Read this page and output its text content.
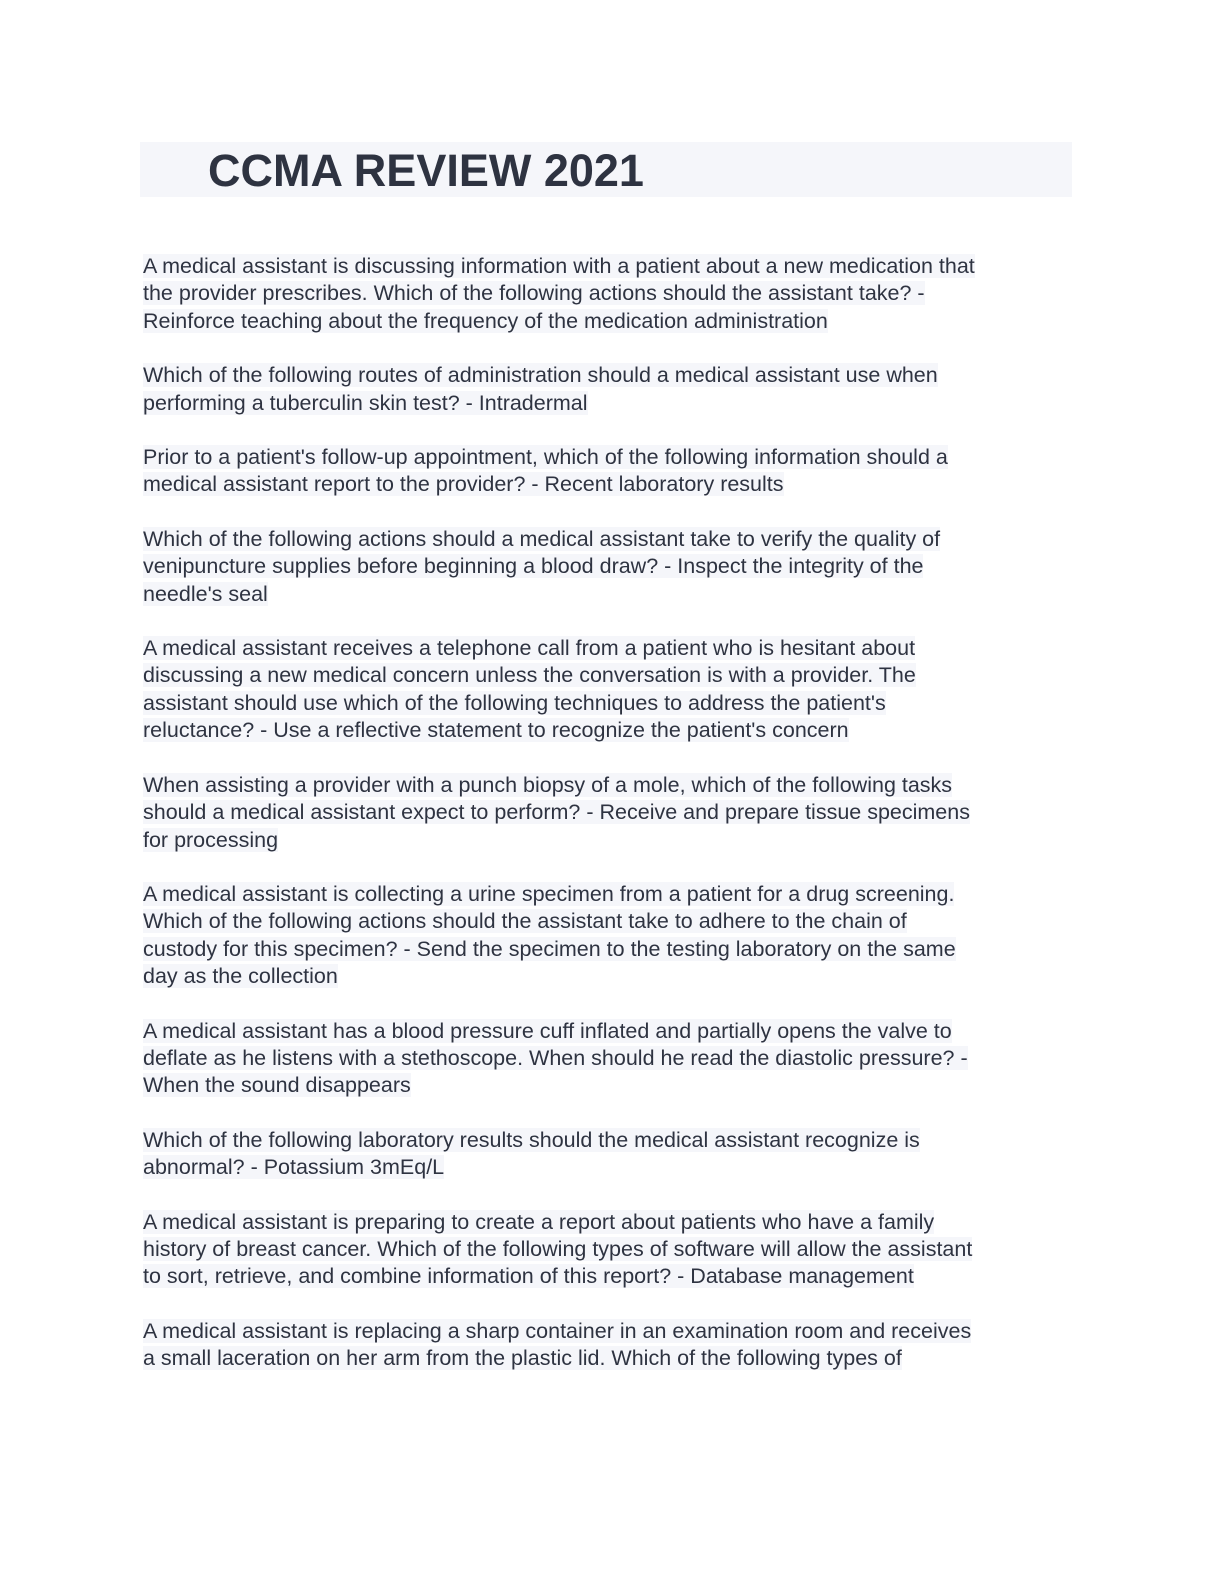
CCMA REVIEW 2021

A medical assistant is discussing information with a patient about a new medication that
the provider prescribes. Which of the following actions should the assistant take? -
Reinforce teaching about the frequency of the medication administration

Which of the following routes of administration should a medical assistant use when
performing a tuberculin skin test? - Intradermal

Prior to a patient's follow-up appointment, which of the following information should a
medical assistant report to the provider? - Recent laboratory results

Which of the following actions should a medical assistant take to verify the quality of
venipuncture supplies before beginning a blood draw? - Inspect the integrity of the
needle's seal

A medical assistant receives a telephone call from a patient who is hesitant about
discussing a new medical concern unless the conversation is with a provider. The
assistant should use which of the following techniques to address the patient's
reluctance? - Use a reflective statement to recognize the patient's concern

When assisting a provider with a punch biopsy of a mole, which of the following tasks
should a medical assistant expect to perform? - Receive and prepare tissue specimens
for processing

A medical assistant is collecting a urine specimen from a patient for a drug screening.
Which of the following actions should the assistant take to adhere to the chain of
custody for this specimen? - Send the specimen to the testing laboratory on the same
day as the collection

A medical assistant has a blood pressure cuff inflated and partially opens the valve to
deflate as he listens with a stethoscope. When should he read the diastolic pressure? -
When the sound disappears

Which of the following laboratory results should the medical assistant recognize is
abnormal? - Potassium 3mEq/L

A medical assistant is preparing to create a report about patients who have a family
history of breast cancer. Which of the following types of software will allow the assistant
to sort, retrieve, and combine information of this report? - Database management

A medical assistant is replacing a sharp container in an examination room and receives
a small laceration on her arm from the plastic lid. Which of the following types of
